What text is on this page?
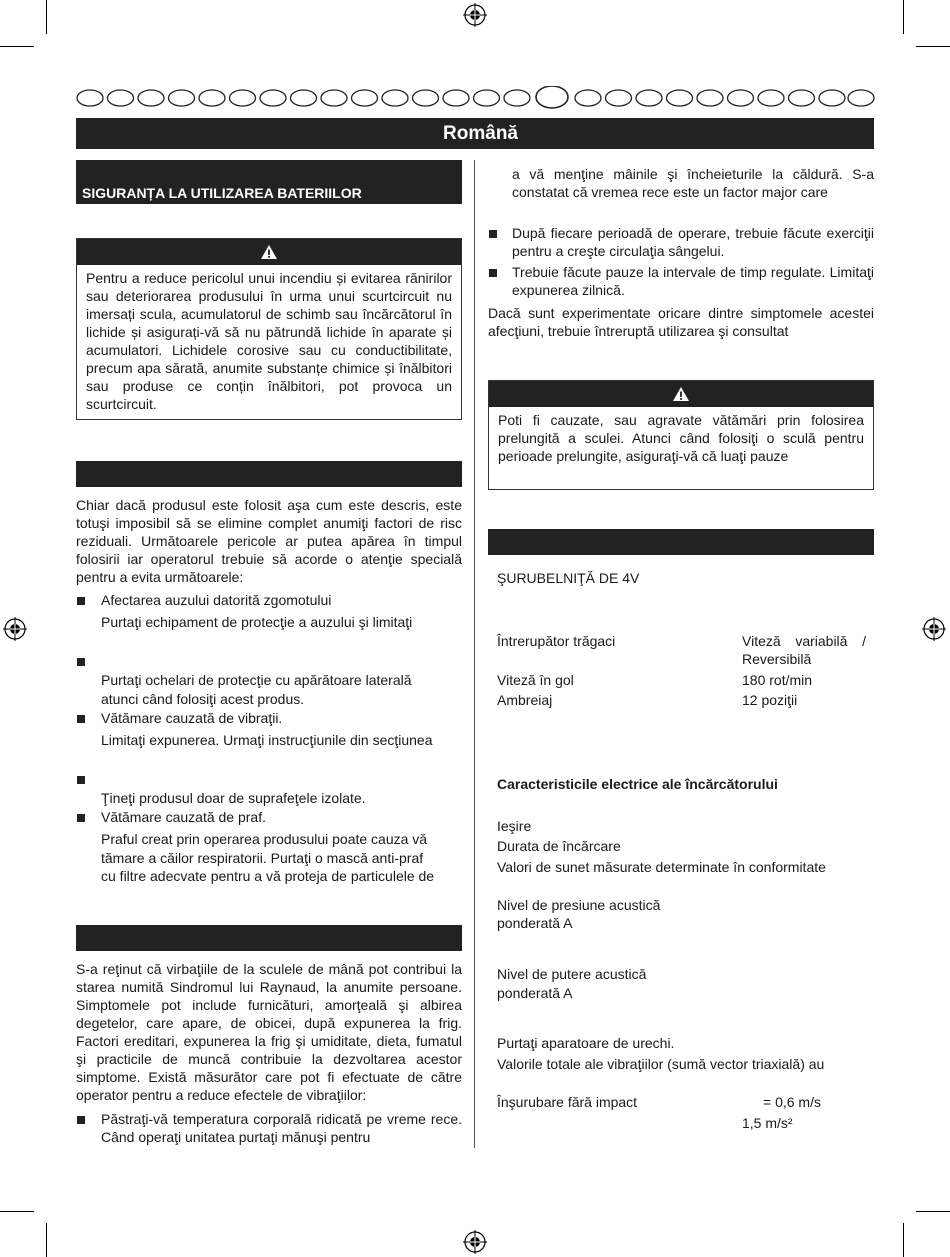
Română
SIGURANȚA LA UTILIZAREA BATERIILOR
Pentru a reduce pericolul unui incendiu și evitarea rănirilor sau deteriorarea produsului în urma unui scurtcircuit nu imersați scula, acumulatorul de schimb sau încărcătorul în lichide și asigurați-vă să nu pătrundă lichide în aparate și acumulatori. Lichidele corosive sau cu conductibilitate, precum apa sărată, anumite substanțe chimice și înălbitori sau produse ce conțin înălbitori, pot provoca un scurtcircuit.
Chiar dacă produsul este folosit aşa cum este descris, este totuşi imposibil să se elimine complet anumiţi factori de risc reziduali. Următoarele pericole ar putea apărea în timpul folosirii iar operatorul trebuie să acorde o atenţie specială pentru a evita următoarele:
Afectarea auzului datorită zgomotului
Purtaţi echipament de protecţie a auzului şi limitaţi
Purtaţi ochelari de protecţie cu apărătoare laterală
atunci când folosiţi acest produs.
Vătămare cauzată de vibraţii.
Limitaţi expunerea. Urmaţi instrucţiunile din secţiunea
Ţineţi produsul doar de suprafeţele izolate.
Vătămare cauzată de praf.
Praful creat prin operarea produsului poate cauza vă
tămare a căilor respiratorii. Purtaţi o mască anti-praf
cu filtre adecvate pentru a vă proteja de particulele de
S-a reţinut că virbaţiile de la sculele de mână pot contribui la starea numită Sindromul lui Raynaud, la anumite persoane. Simptomele pot include furnicături, amorţeală şi albirea degetelor, care apare, de obicei, după expunerea la frig. Factori ereditari, expunerea la frig şi umiditate, dieta, fumatul şi practicile de muncă contribuie la dezvoltarea acestor simptome. Există măsurător care pot fi efectuate de către operator pentru a reduce efectele de vibraţiilor:
Păstraţi-vă temperatura corporală ridicată pe vreme rece. Când operaţi unitatea purtaţi mănuşi pentru
a vă menţine mâinile şi încheieturile la căldură. S-a constatat că vremea rece este un factor major care
După fiecare perioadă de operare, trebuie făcute exerciţii pentru a creşte circulaţia sângelui.
Trebuie făcute pauze la intervale de timp regulate. Limitaţi expunerea zilnică.
Dacă sunt experimentate oricare dintre simptomele acestei afecţiuni, trebuie întreruptă utilizarea şi consultat
Poti fi cauzate, sau agravate vătămări prin folosirea prelungită a sculei. Atunci când folosiţi o sculă pentru perioade prelungite, asiguraţi-vă că luaţi pauze
ŞURUBELNIŢĂ DE 4V
Întrerupător trăgaci	Viteză variabilă / Reversibilă
Viteză în gol	180 rot/min
Ambreiaj	12 poziţii
Caracteristicile electrice ale încărcătorului
Ieşire
Durata de încărcare
Valori de sunet măsurate determinate în conformitate
Nivel de presiune acustică
ponderată A
Nivel de putere acustică
ponderată A
Purtaţi aparatoare de urechi.
Valorile totale ale vibraţiilor (sumă vector triaxială) au
Înşurubare fără impact	= 0,6 m/s
1,5 m/s²
